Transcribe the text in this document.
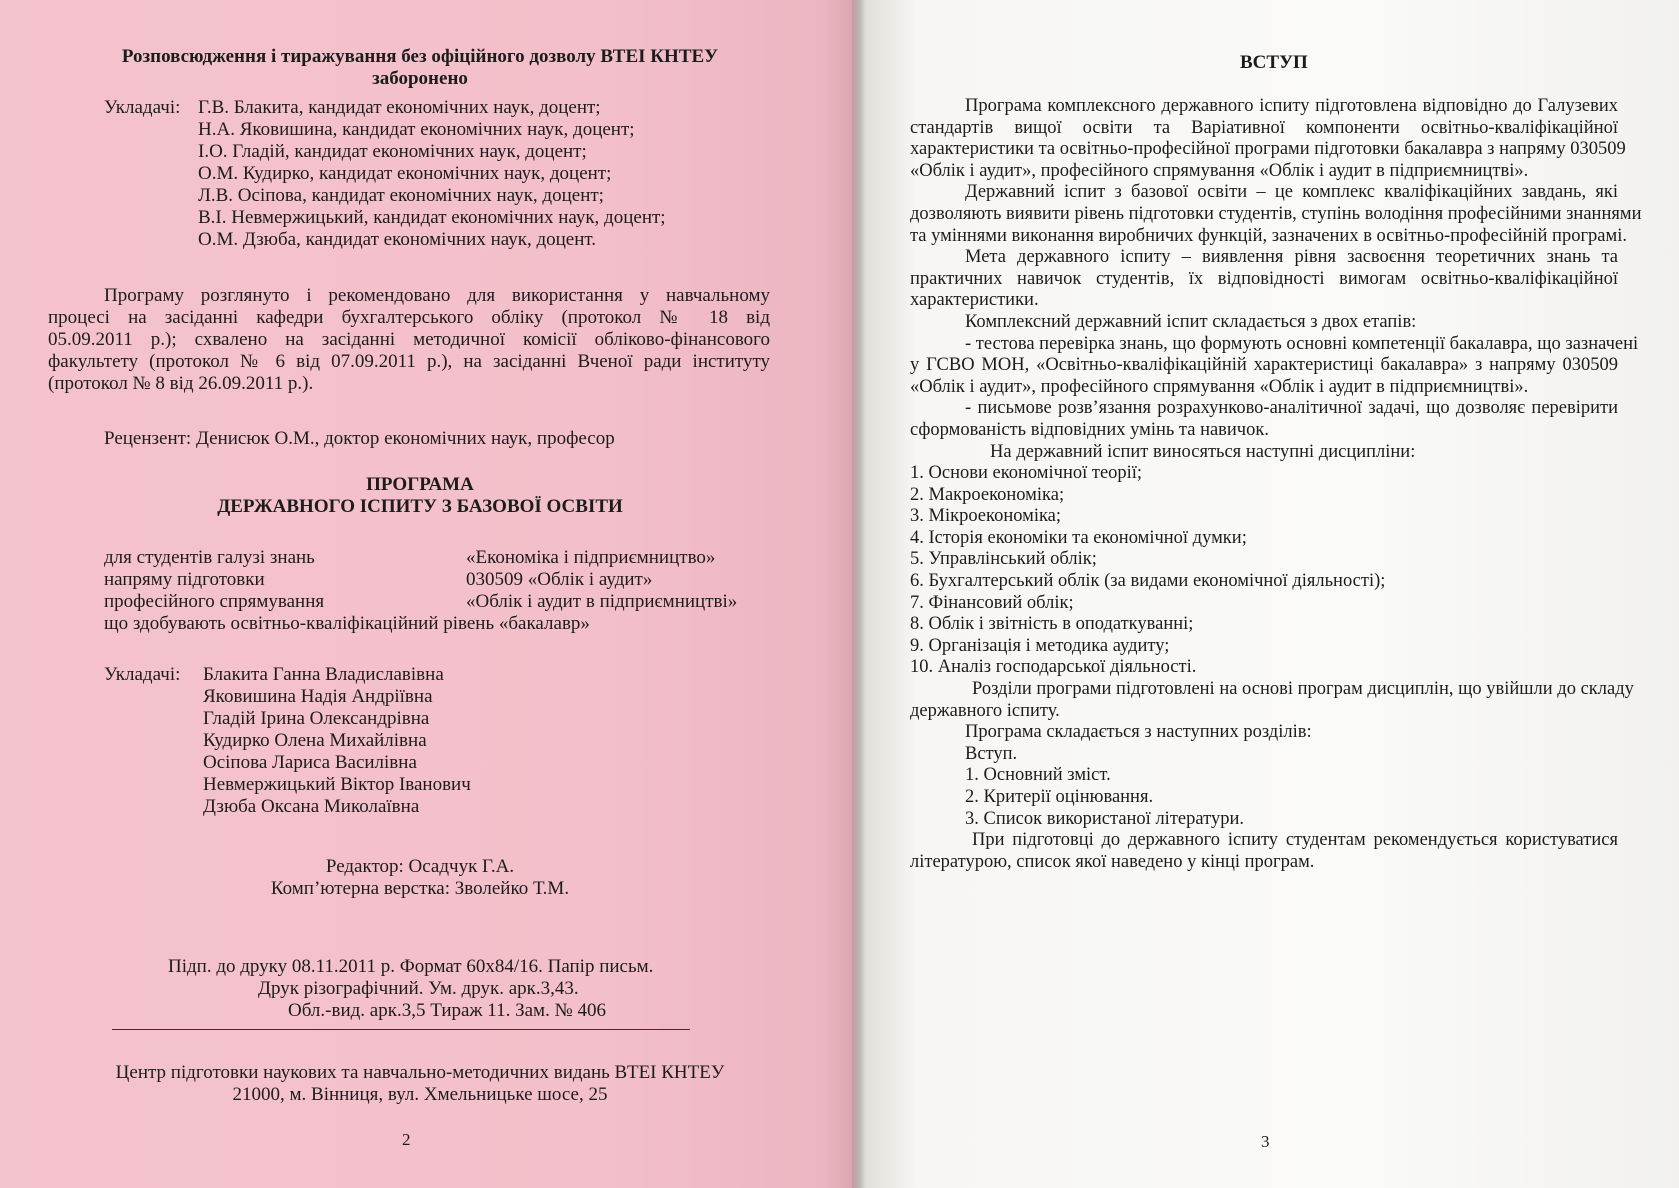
Розповсюдження і тиражування без офіційного дозволу ВТЕІ КНТЕУ
заборонено
Укладачі: Г.В. Блакита, кандидат економічних наук, доцент;
Н.А. Яковишина, кандидат економічних наук, доцент;
І.О. Гладій, кандидат економічних наук, доцент;
О.М. Кудирко, кандидат економічних наук, доцент;
Л.В. Осіпова, кандидат економічних наук, доцент;
В.І. Невмержицький, кандидат економічних наук, доцент;
О.М. Дзюба, кандидат економічних наук, доцент.
Програму розглянуто і рекомендовано для використання у навчальному
процесі на засіданні кафедри бухгалтерського обліку (протокол № 18 від
05.09.2011 р.); схвалено на засіданні методичної комісії обліково-фінансового
факультету (протокол № 6 від 07.09.2011 р.), на засіданні Вченої ради інституту
(протокол № 8 від 26.09.2011 р.).
Рецензент: Денисюк О.М., доктор економічних наук, професор
ПРОГРАМА
ДЕРЖАВНОГО ІСПИТУ З БАЗОВОЇ ОСВІТИ
для студентів галузі знань
напряму підготовки
професійного спрямування
що здобувають освітньо-кваліфікаційний рівень «бакалавр»
«Економіка і підприємництво»
030509 «Облік і аудит»
«Облік і аудит в підприємництві»
Укладачі: Блакита Ганна Владиславівна
Яковишина Надія Андріївна
Гладій Ірина Олександрівна
Кудирко Олена Михайлівна
Осіпова Лариса Василівна
Невмержицький Віктор Іванович
Дзюба Оксана Миколаївна
Редактор: Осадчук Г.А.
Комп’ютерна верстка: Зволейко Т.М.
Підп. до друку 08.11.2011 р. Формат 60х84/16. Папір письм.
Друк різографічний. Ум. друк. арк.3,43.
Обл.-вид. арк.3,5 Тираж 11. Зам. № 406
Центр підготовки наукових та навчально-методичних видань ВТЕІ КНТЕУ
21000, м. Вінниця, вул. Хмельницьке шосе, 25
2
ВСТУП
Програма комплексного державного іспиту підготовлена відповідно до Галузевих
стандартів вищої освіти та Варіативної компоненти освітньо-кваліфікаційної
характеристики та освітньо-професійної програми підготовки бакалавра з напряму 030509
«Облік і аудит», професійного спрямування «Облік і аудит в підприємництві».
Державний іспит з базової освіти – це комплекс кваліфікаційних завдань, які
дозволяють виявити рівень підготовки студентів, ступінь володіння професійними знаннями
та уміннями виконання виробничих функцій, зазначених в освітньо-професійній програмі.
Мета державного іспиту – виявлення рівня засвоєння теоретичних знань та
практичних навичок студентів, їх відповідності вимогам освітньо-кваліфікаційної
характеристики.
Комплексний державний іспит складається з двох етапів:
- тестова перевірка знань, що формують основні компетенції бакалавра, що зазначені
у ГСВО МОН, «Освітньо-кваліфікаційній характеристиці бакалавра» з напряму 030509
«Облік і аудит», професійного спрямування «Облік і аудит в підприємництві».
- письмове розв’язання розрахунково-аналітичної задачі, що дозволяє перевірити
сформованість відповідних умінь та навичок.
На державний іспит виносяться наступні дисципліни:
1. Основи економічної теорії;
2. Макроекономіка;
3. Мікроекономіка;
4. Історія економіки та економічної думки;
5. Управлінський облік;
6. Бухгалтерський облік (за видами економічної діяльності);
7. Фінансовий облік;
8. Облік і звітність в оподаткуванні;
9. Організація і методика аудиту;
10. Аналіз господарської діяльності.
Розділи програми підготовлені на основі програм дисциплін, що увійшли до складу
державного іспиту.
Програма складається з наступних розділів:
Вступ.
1. Основний зміст.
2. Критерії оцінювання.
3. Список використаної літератури.
При підготовці до державного іспиту студентам рекомендується користуватися
літературою, список якої наведено у кінці програм.
3
